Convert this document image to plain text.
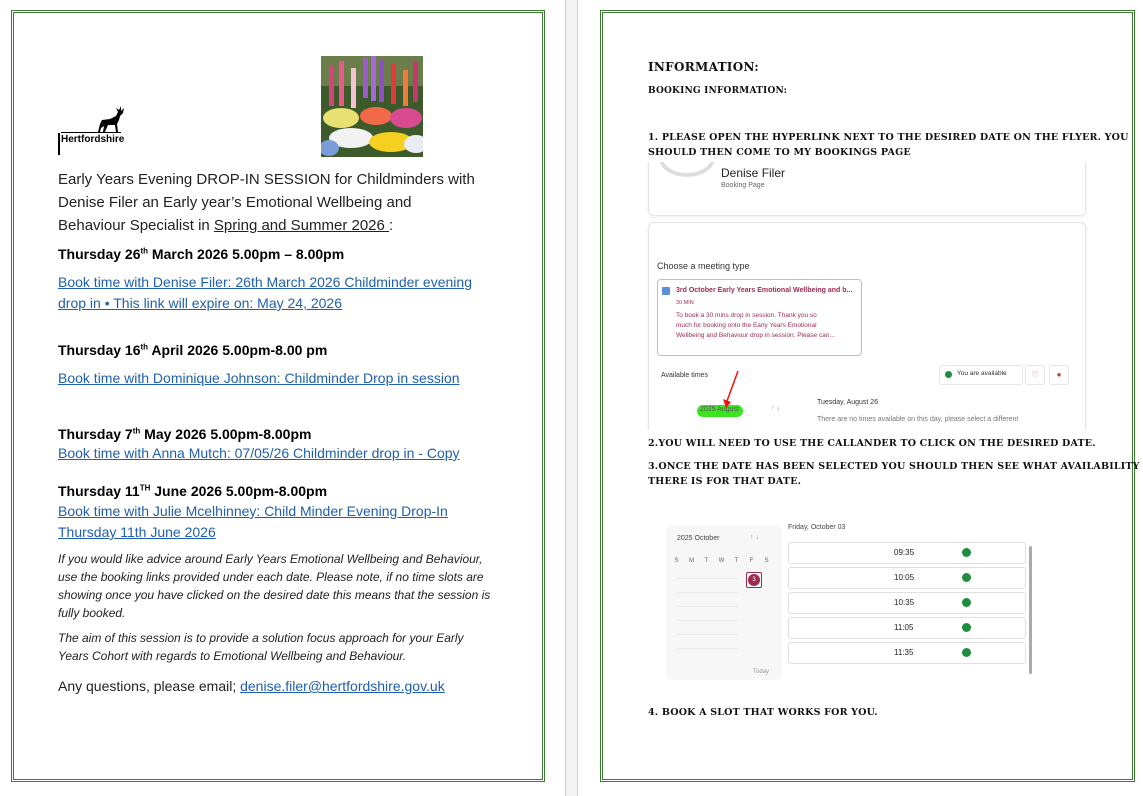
Hertfordshire
Early Years Evening DROP-IN SESSION for Childminders with
Denise Filer an Early year’s Emotional Wellbeing and
Behaviour Specialist in Spring and Summer 2026 :
Thursday 26th March 2026 5.00pm – 8.00pm
Book time with Denise Filer: 26th March 2026 Childminder evening
drop in • This link will expire on: May 24, 2026
Thursday 16th April 2026 5.00pm-8.00 pm
Book time with Dominique Johnson: Childminder Drop in session
Thursday 7th May 2026 5.00pm-8.00pm
Book time with Anna Mutch: 07/05/26 Childminder drop in - Copy
Thursday 11TH June 2026 5.00pm-8.00pm
Book time with Julie Mcelhinney: Child Minder Evening Drop-In
Thursday 11th June 2026
If you would like advice around Early Years Emotional Wellbeing and Behaviour,
use the booking links provided under each date. Please note, if no time slots are
showing once you have clicked on the desired date this means that the session is
fully booked.
The aim of this session is to provide a solution focus approach for your Early
Years Cohort with regards to Emotional Wellbeing and Behaviour.
Any questions, please email; denise.filer@hertfordshire.gov.uk
INFORMATION:
BOOKING INFORMATION:
1. PLEASE OPEN THE HYPERLINK NEXT TO THE DESIRED DATE ON THE FLYER. YOU
SHOULD THEN COME TO MY BOOKINGS PAGE
Denise Filer
Booking Page
Choose a meeting type
3rd October Early Years Emotional Wellbeing and b...
30 MIN
To book a 30 mins drop in session. Thank you so
much for booking onto the Early Years Emotional
Wellbeing and Behaviour drop in session. Please can...
Available times	You are available	♡	●
2025 August	↑ ↓
Tuesday, August 26
There are no times available on this day, please select a different
2.YOU WILL NEED TO USE THE CALLANDER TO CLICK ON THE DESIRED DATE.
3.ONCE THE DATE HAS BEEN SELECTED YOU SHOULD THEN SEE WHAT AVAILABILITY
THERE IS FOR THAT DATE.
2025 October	↑ ↓
S M T W T F S
3
Today
Friday, October 03
09:35
10:05
10:35
11:05
11:35
4. BOOK A SLOT THAT WORKS FOR YOU.
